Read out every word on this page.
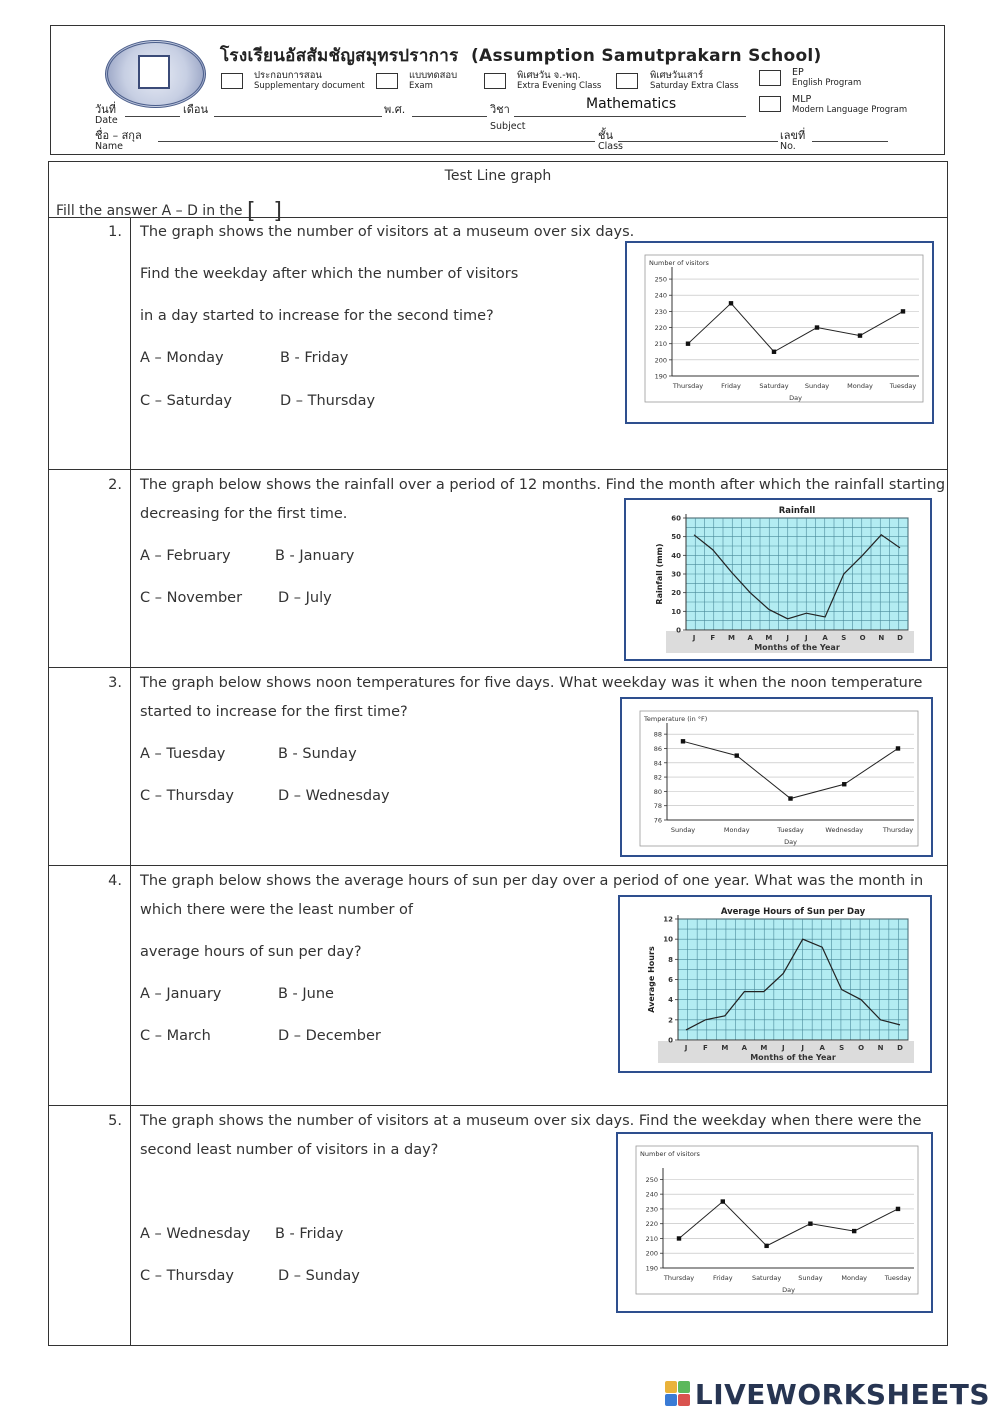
โรงเรียนอัสสัมชัญสมุทรปราการ (Assumption Samutprakarn School)
ประกอบการสอน
Supplementary document
แบบทดสอบ
Exam
พิเศษวัน จ.-พฤ.
Extra Evening Class
พิเศษวันเสาร์
Saturday Extra Class
EP
English Program
MLP
Modern Language Program
วันที่
Date
เดือน	พ.ศ.	วิชา
Subject
Mathematics
ชื่อ – สกุล
Name
ชั้น
Class
เลขที่
No.
Test Line graph
Fill the answer A – D in the [ ]
1. The graph shows the number of visitors at a museum over six days.
Find the weekday after which the number of visitors
in a day started to increase for the second time?
A – Monday	B - Friday
C – Saturday	D – Thursday
190
200
210
220
230
240
250
Thursday	Friday	Saturday Sunday	Monday	Tuesday
Day
Number of visitors
2. The graph below shows the rainfall over a period of 12 months. Find the month after which the rainfall starting
decreasing for the first time.
A – February	B - January
C – November D – July
0
10
20
30
40
50
60
J F M A M J J A S O N D
Rainfall
Months of the Year
Rainfall (mm)
3. The graph below shows noon temperatures for five days. What weekday was it when the noon temperature
started to increase for the first time?
A – Tuesday	B - Sunday
C – Thursday	D – Wednesday
76
78
80
82
84
86
88
Sunday	Monday	Tuesday	Wednesday	Thursday
Day
Temperature (in °F)
4. The graph below shows the average hours of sun per day over a period of one year. What was the month in
which there were the least number of
average hours of sun per day?
A – January	B - June
C – March	D – December	0
2
4
6
8
10
12
J F M A M J J A S O N D
Average Hours of Sun per Day
Months of the Year
Average Hours
5. The graph shows the number of visitors at a museum over six days. Find the weekday when there were the
second least number of visitors in a day?
A – Wednesday B - Friday
C – Thursday	D – Sunday	190
200
210
220
230
240
250
Thursday	Friday	Saturday	Sunday	Monday	Tuesday
Day
Number of visitors
LIVEWORKSHEETS
